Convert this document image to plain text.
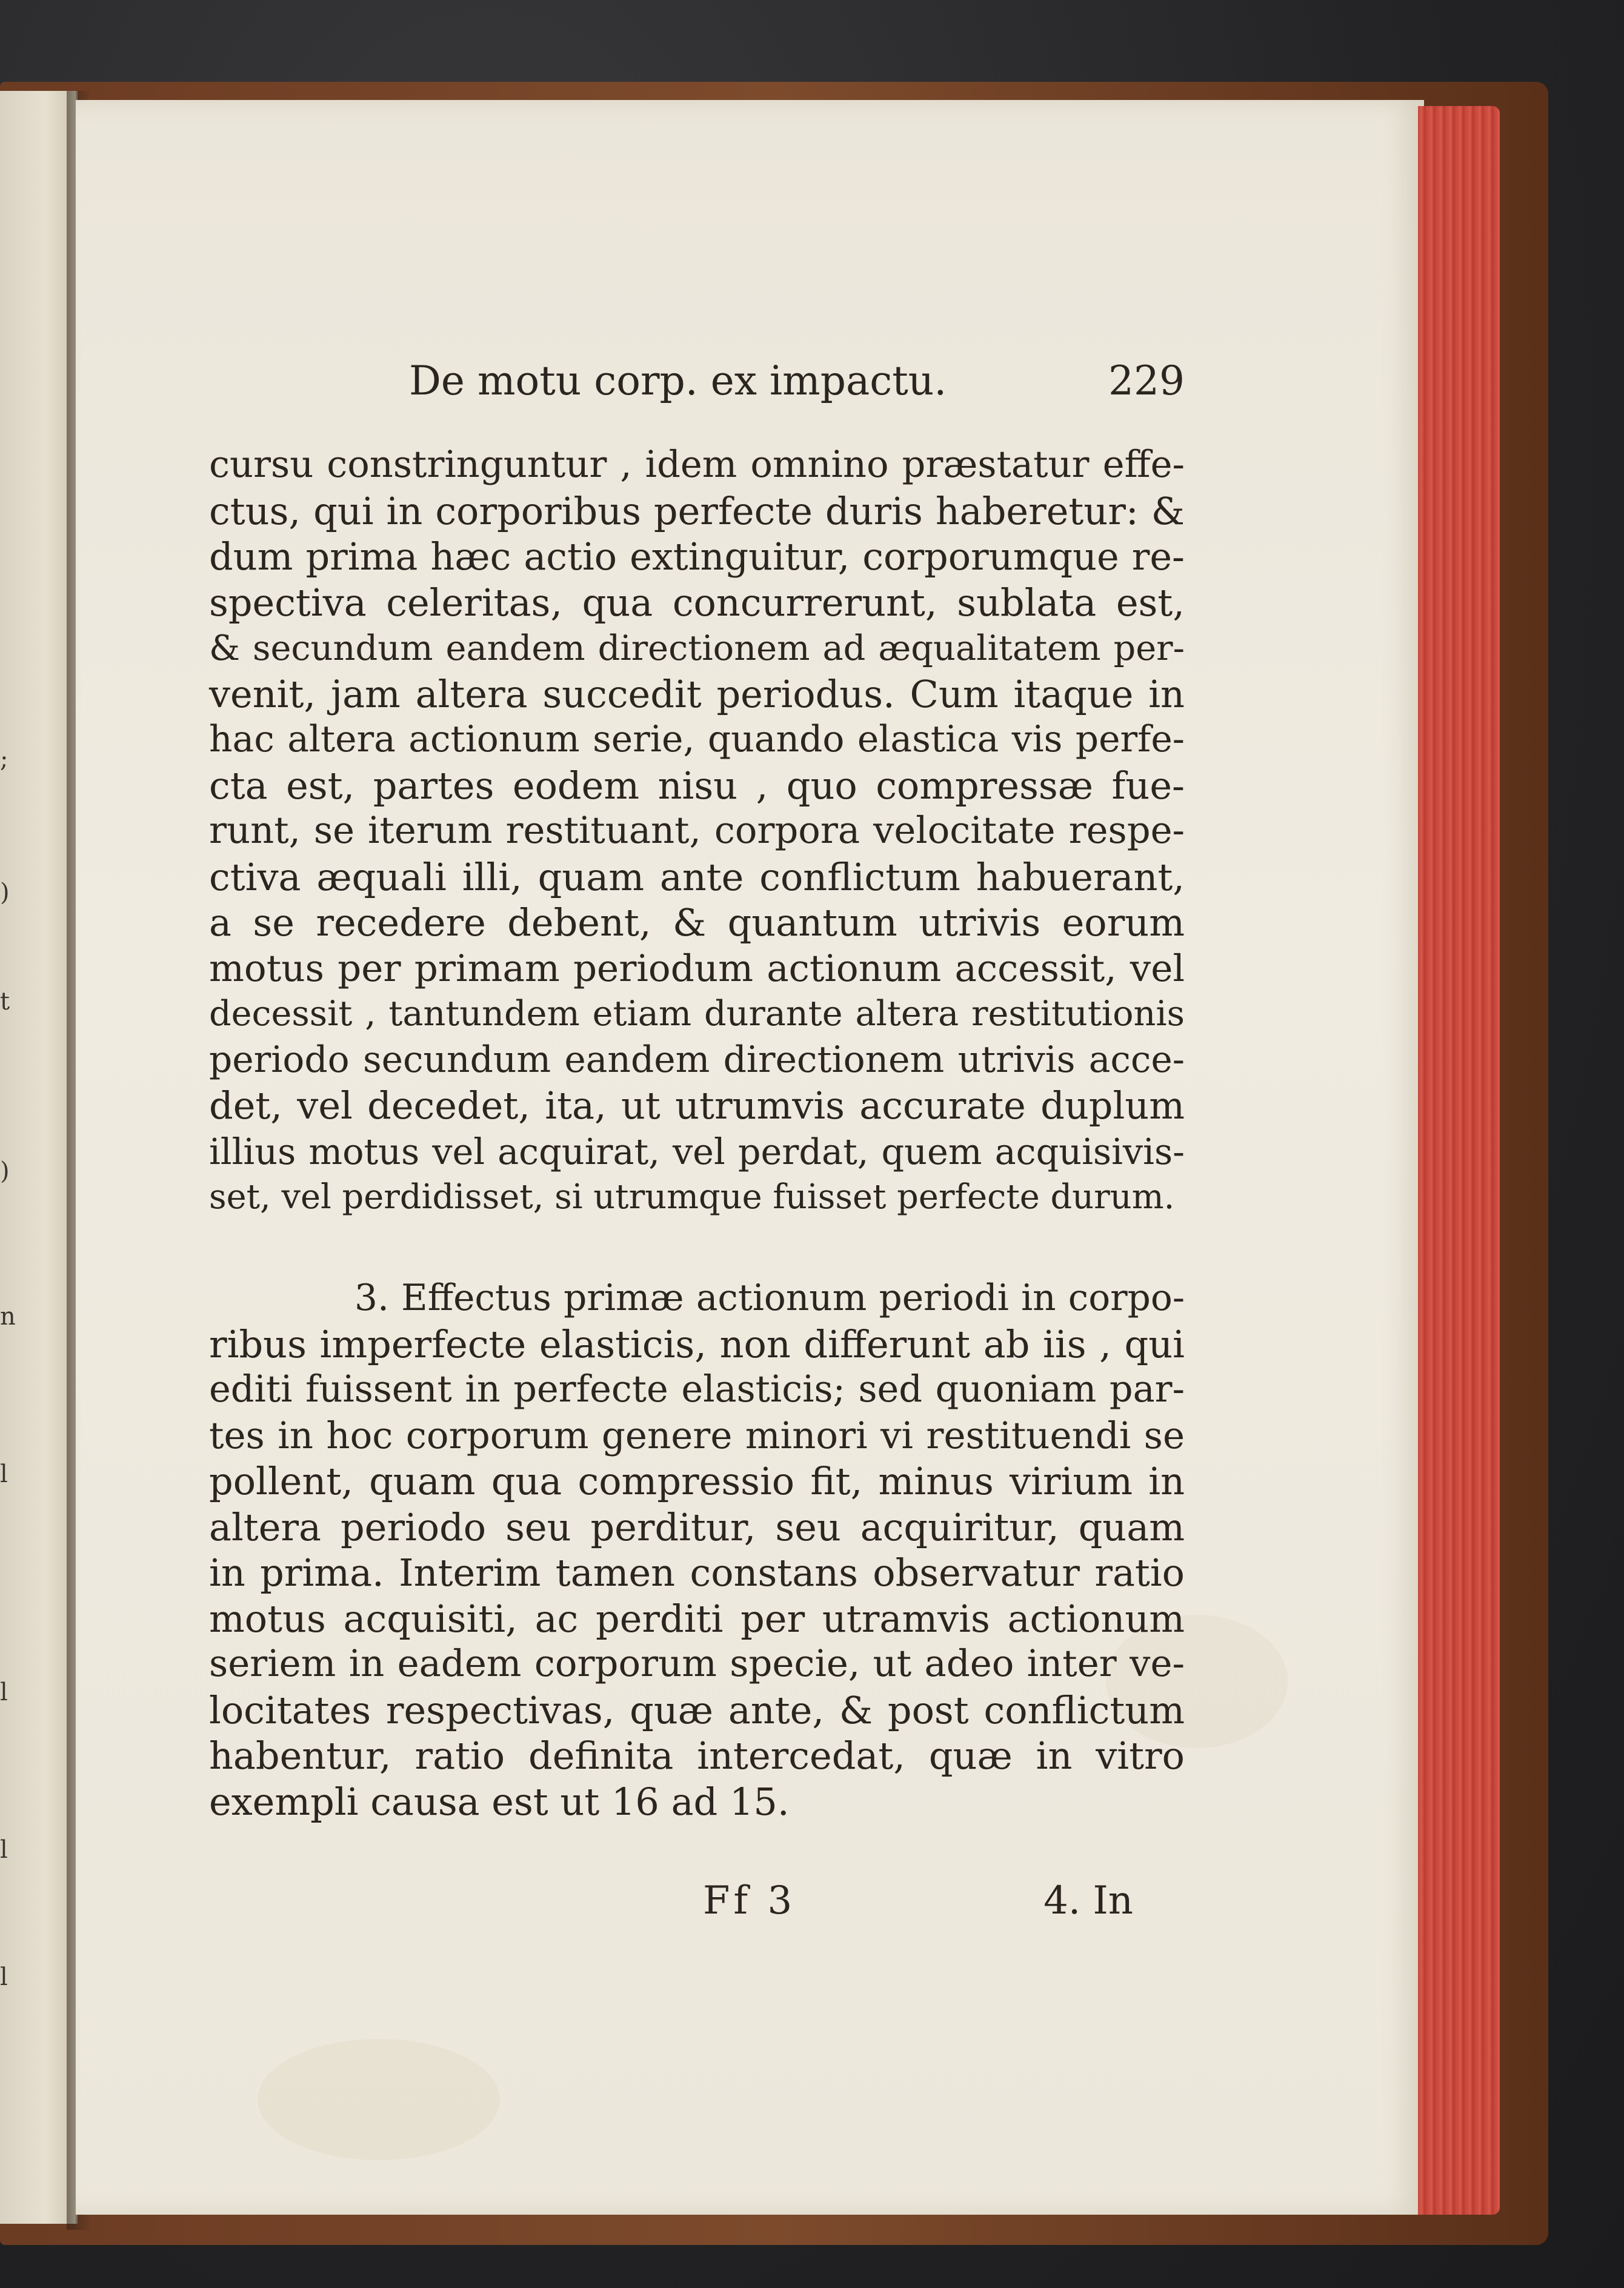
;
)
t
)
n
l
l
l
l
De motu corp. ex impactu.	229
cursu constringuntur , idem omnino præstatur effe-
ctus, qui in corporibus perfecte duris haberetur: &
dum prima hæc actio extinguitur, corporumque re-
spectiva celeritas, qua concurrerunt, sublata est,
& secundum eandem directionem ad æqualitatem per-
venit, jam altera succedit periodus. Cum itaque in
hac altera actionum serie, quando elastica vis perfe-
cta est, partes eodem nisu , quo compressæ fue-
runt, se iterum restituant, corpora velocitate respe-
ctiva æquali illi, quam ante conflictum habuerant,
a se recedere debent, & quantum utrivis eorum
motus per primam periodum actionum accessit, vel
decessit , tantundem etiam durante altera restitutionis
periodo secundum eandem directionem utrivis acce-
det, vel decedet, ita, ut utrumvis accurate duplum
illius motus vel acquirat, vel perdat, quem acquisivis-
set, vel perdidisset, si utrumque fuisset perfecte durum.
3. Effectus primæ actionum periodi in corpo-
ribus imperfecte elasticis, non differunt ab iis , qui
editi fuissent in perfecte elasticis; sed quoniam par-
tes in hoc corporum genere minori vi restituendi se
pollent, quam qua compressio fit, minus virium in
altera periodo seu perditur, seu acquiritur, quam
in prima. Interim tamen constans observatur ratio
motus acquisiti, ac perditi per utramvis actionum
seriem in eadem corporum specie, ut adeo inter ve-
locitates respectivas, quæ ante, & post conflictum
habentur, ratio definita intercedat, quæ in vitro
exempli causa est ut 16 ad 15.
Ff 3	4. In
